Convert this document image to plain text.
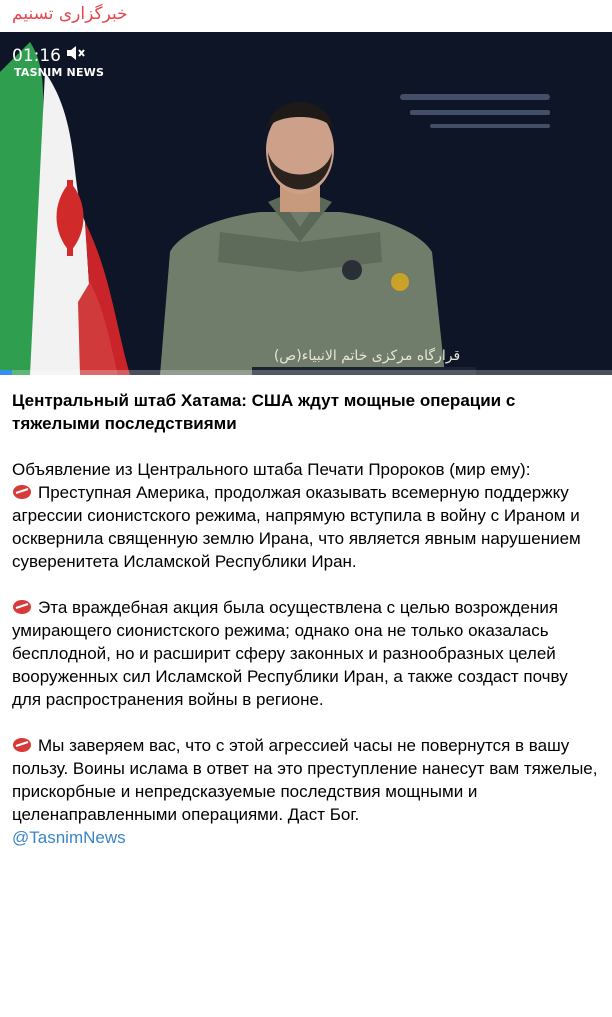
خبرگزاری تسنیم
01:16
TASNIM NEWS
قرارگاه مرکزی خاتم الانبیاء(ص)

Центральный штаб Хатама: США ждут мощные операции с тяжелыми последствиями

Объявление из Центрального штаба Печати Пророков (мир ему):
Преступная Америка, продолжая оказывать всемерную поддержку агрессии сионистского режима, напрямую вступила в войну с Ираном и осквернила священную землю Ирана, что является явным нарушением суверенитета Исламской Республики Иран.

Эта враждебная акция была осуществлена с целью возрождения умирающего сионистского режима; однако она не только оказалась бесплодной, но и расширит сферу законных и разнообразных целей вооруженных сил Исламской Республики Иран, а также создаст почву для распространения войны в регионе.

Мы заверяем вас, что с этой агрессией часы не повернутся в вашу пользу. Воины ислама в ответ на это преступление нанесут вам тяжелые, прискорбные и непредсказуемые последствия мощными и целенаправленными операциями. Даст Бог.
@TasnimNews
